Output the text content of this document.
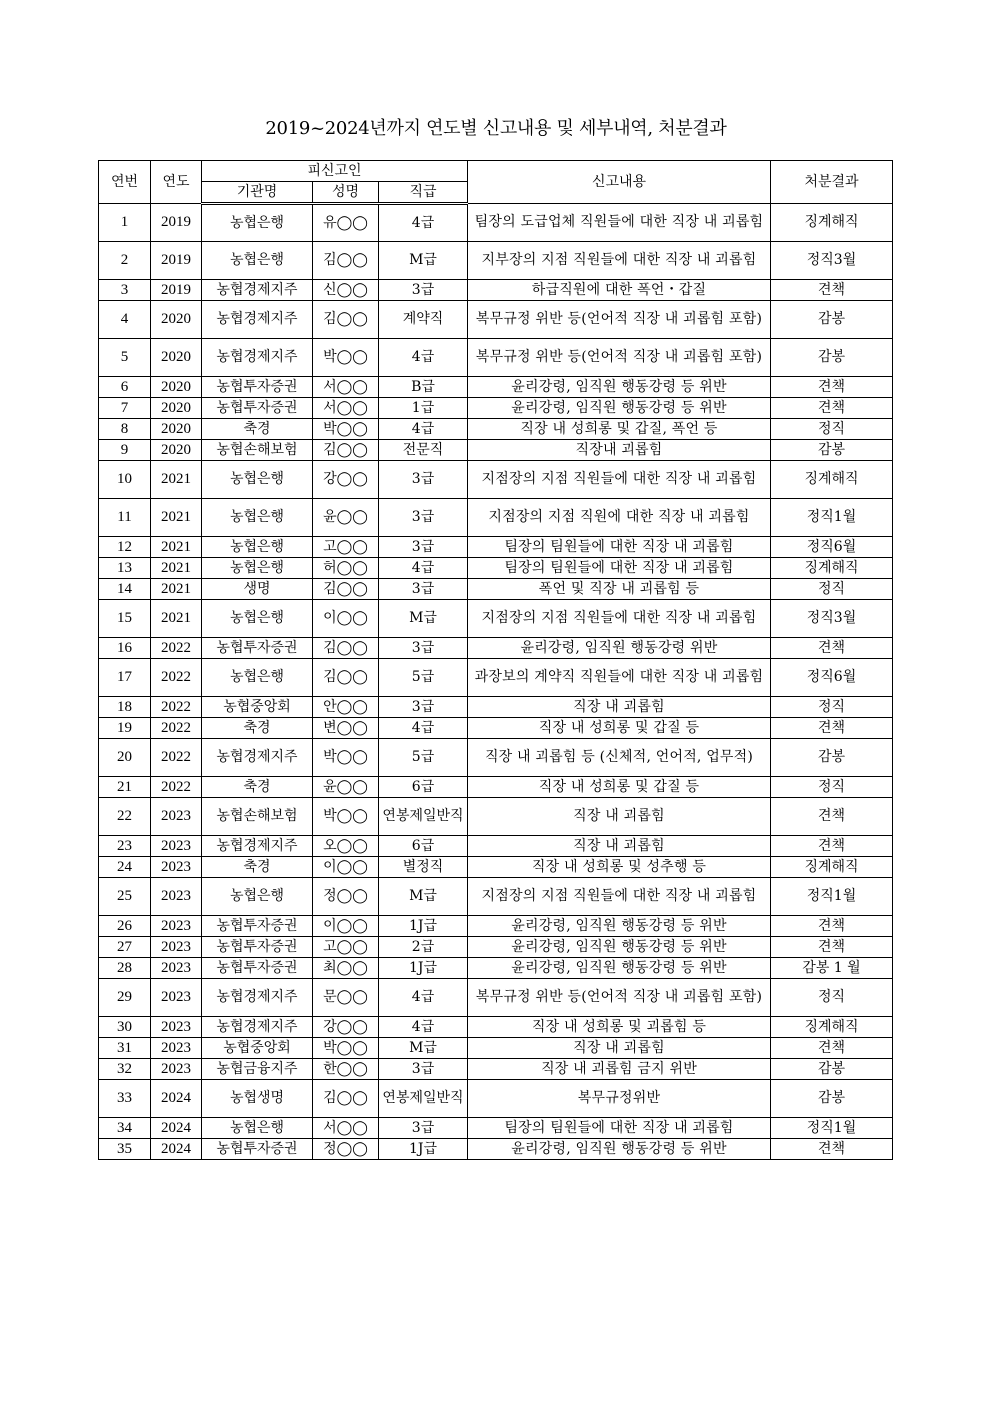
2019~2024년까지 연도별 신고내용 및 세부내역, 처분결과
연번	연도	피신고인			신고내용	처분결과
		기관명	성명	직급		
1	2019	농협은행	유◯◯	4급	팀장의 도급업체 직원들에 대한 직장 내 괴롭힘	징계해직
2	2019	농협은행	김◯◯	M급	지부장의 지점 직원들에 대한 직장 내 괴롭힘	정직3월
3	2019	농협경제지주	신◯◯	3급	하급직원에 대한 폭언・갑질	견책
4	2020	농협경제지주	김◯◯	계약직	복무규정 위반 등(언어적 직장 내 괴롭힘 포함)	감봉
5	2020	농협경제지주	박◯◯	4급	복무규정 위반 등(언어적 직장 내 괴롭힘 포함)	감봉
6	2020	농협투자증권	서◯◯	B급	윤리강령, 임직원 행동강령 등 위반	견책
7	2020	농협투자증권	서◯◯	1급	윤리강령, 임직원 행동강령 등 위반	견책
8	2020	축경	박◯◯	4급	직장 내 성희롱 및 갑질, 폭언 등	정직
9	2020	농협손해보험	김◯◯	전문직	직장내 괴롭힘	감봉
10	2021	농협은행	강◯◯	3급	지점장의 지점 직원들에 대한 직장 내 괴롭힘	징계해직
11	2021	농협은행	윤◯◯	3급	지점장의 지점 직원에 대한 직장 내 괴롭힘	정직1월
12	2021	농협은행	고◯◯	3급	팀장의 팀원들에 대한 직장 내 괴롭힘	정직6월
13	2021	농협은행	허◯◯	4급	팀장의 팀원들에 대한 직장 내 괴롭힘	징계해직
14	2021	생명	김◯◯	3급	폭언 및 직장 내 괴롭힘 등	정직
15	2021	농협은행	이◯◯	M급	지점장의 지점 직원들에 대한 직장 내 괴롭힘	정직3월
16	2022	농협투자증권	김◯◯	3급	윤리강령, 임직원 행동강령 위반	견책
17	2022	농협은행	김◯◯	5급	과장보의 계약직 직원들에 대한 직장 내 괴롭힘	정직6월
18	2022	농협중앙회	안◯◯	3급	직장 내 괴롭힘	정직
19	2022	축경	변◯◯	4급	직장 내 성희롱 및 갑질 등	견책
20	2022	농협경제지주	박◯◯	5급	직장 내 괴롭힘 등 (신체적, 언어적, 업무적)	감봉
21	2022	축경	윤◯◯	6급	직장 내 성희롱 및 갑질 등	정직
22	2023	농협손해보험	박◯◯	연봉제일반직	직장 내 괴롭힘	견책
23	2023	농협경제지주	오◯◯	6급	직장 내 괴롭힘	견책
24	2023	축경	이◯◯	별정직	직장 내 성희롱 및 성추행 등	징계해직
25	2023	농협은행	정◯◯	M급	지점장의 지점 직원들에 대한 직장 내 괴롭힘	정직1월
26	2023	농협투자증권	이◯◯	1J급	윤리강령, 임직원 행동강령 등 위반	견책
27	2023	농협투자증권	고◯◯	2급	윤리강령, 임직원 행동강령 등 위반	견책
28	2023	농협투자증권	최◯◯	1J급	윤리강령, 임직원 행동강령 등 위반	감봉 1 월
29	2023	농협경제지주	문◯◯	4급	복무규정 위반 등(언어적 직장 내 괴롭힘 포함)	정직
30	2023	농협경제지주	강◯◯	4급	직장 내 성희롱 및 괴롭힘 등	징계해직
31	2023	농협중앙회	박◯◯	M급	직장 내 괴롭힘	견책
32	2023	농협금융지주	한◯◯	3급	직장 내 괴롭힘 금지 위반	감봉
33	2024	농협생명	김◯◯	연봉제일반직	복무규정위반	감봉
34	2024	농협은행	서◯◯	3급	팀장의 팀원들에 대한 직장 내 괴롭힘	정직1월
35	2024	농협투자증권	정◯◯	1J급	윤리강령, 임직원 행동강령 등 위반	견책
